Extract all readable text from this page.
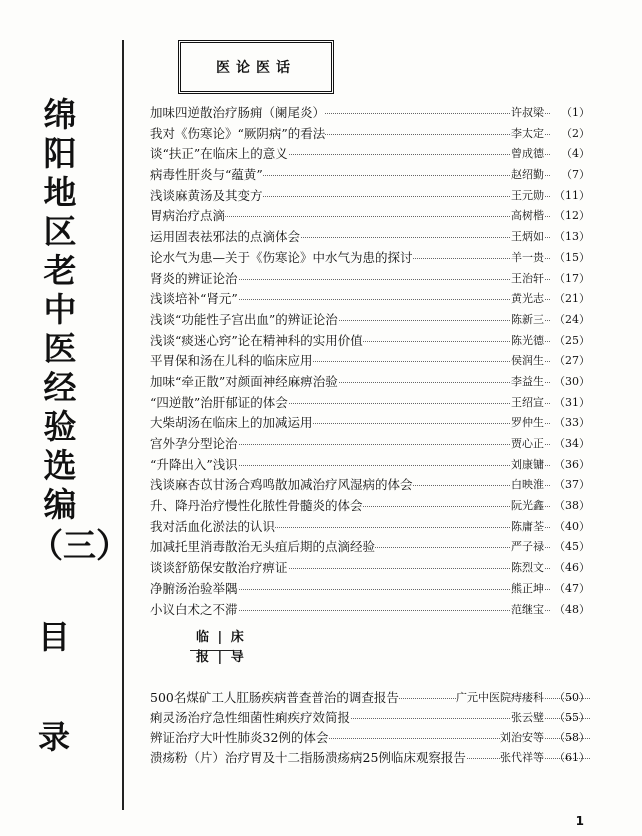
绵
阳
地
区
老
中
医
经
验
选
编
（三）
目
录
医论医话
加味四逆散治疗肠痈（阑尾炎）	许叔梁	（1）
我对《伤寒论》“厥阴病”的看法	李太定	（2）
谈“扶正”在临床上的意义	曾成德	（4）
病毒性肝炎与“蕴黄”	赵绍勤	（7）
浅谈麻黄汤及其变方	王元勋 （11）
胃病治疗点滴	高树楷 （12）
运用固表祛邪法的点滴体会	王炳如 （13）
论水气为患—关于《伤寒论》中水气为患的探讨	羊一贵 （15）
肾炎的辨证论治	王治轩 （17）
浅谈培补“肾元”	黄光志 （21）
浅谈“功能性子宫出血”的辨证论治	陈新三 （24）
浅谈“痰迷心窍”论在精神科的实用价值	陈光德 （25）
平胃保和汤在儿科的临床应用	侯润生 （27）
加味“牵正散”对颜面神经麻痹治验	李益生 （30）
“四逆散”治肝郁证的体会	王绍宣 （31）
大柴胡汤在临床上的加减运用	罗仲生 （33）
宫外孕分型论治	贾心正 （34）
“升降出入”浅识	刘康镛 （36）
浅谈麻杏苡甘汤合鸡鸣散加减治疗风湿病的体会	白映淮 （37）
升、降丹治疗慢性化脓性骨髓炎的体会	阮光鑫 （38）
我对活血化淤法的认识	陈庸荃 （40）
加减托里消毒散治无头疽后期的点滴经验	严子禄 （45）
谈谈舒筋保安散治疗痹证	陈烈文 （46）
净腑汤治验举隅	熊正坤 （47）
小议白术之不滞	范继宝 （48）
临 | 床
报 | 导
500名煤矿工人肛肠疾病普查普治的调查报告	广元中医院痔瘘科 （50）
痢灵汤治疗急性细菌性痢疾疗效简报	张云璧 （55）
辨证治疗大叶性肺炎32例的体会	刘治安等 （58）
溃疡粉（片）治疗胃及十二指肠溃疡病25例临床观察报告	张代祥等 （61）
1
